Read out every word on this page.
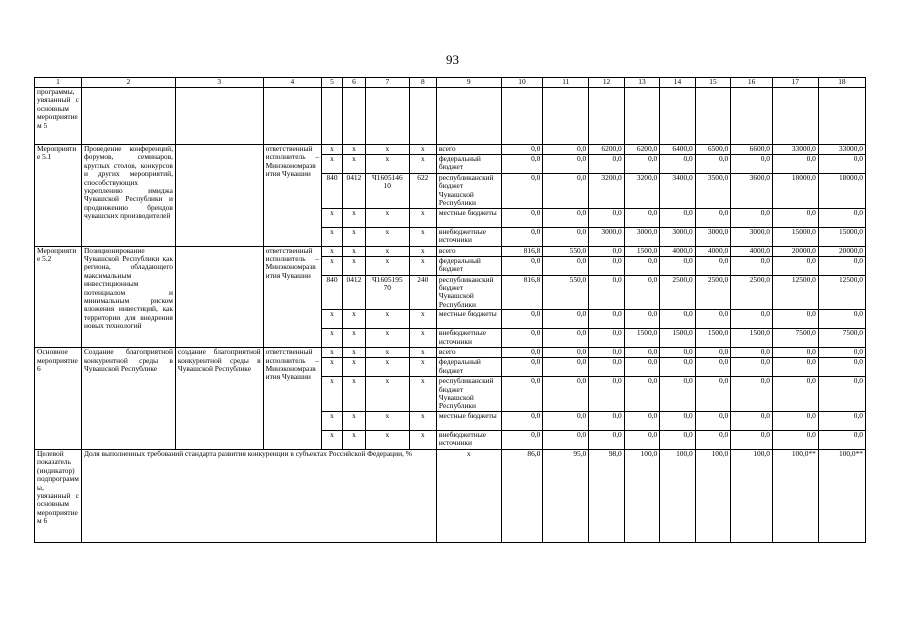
93
1	2	3	4	5	6	7	8	9	10	11	12	13	14	15	16	17	18
программы, увязанный с основным мероприятием 5																	
Мероприятие 5.1	Проведение конференций, форумов, семинаров, круглых столов, конкурсов и других мероприятий, способствующих укреплению имиджа Чувашской Республики и продвижению брендов чувашских производителей		ответственный исполнитель – Минэкономразвития Чувашии	x	x	x	x	всего	0,0	0,0	6200,0	6200,0	6400,0	6500,0	6600,0	33000,0	33000,0
				x	x	x	x	федеральный бюджет	0,0	0,0	0,0	0,0	0,0	0,0	0,0	0,0	0,0
				840	0412	Ч1605146 10	622	республиканский бюджет Чувашской Республики	0,0	0,0	3200,0	3200,0	3400,0	3500,0	3600,0	18000,0	18000,0
				x	x	x	x	местные бюджеты	0,0	0,0	0,0	0,0	0,0	0,0	0,0	0,0	0,0
				x	x	x	x	внебюджетные источники	0,0	0,0	3000,0	3000,0	3000,0	3000,0	3000,0	15000,0	15000,0
Мероприятие 5.2	Позиционирование Чувашской Республики как региона, обладающего максимальным инвестиционным потенциалом и минимальным риском вложения инвестиций, как территории для внедрения новых технологий		ответственный исполнитель – Минэкономразвития Чувашии	x	x	x	x	всего	816,8	550,0	0,0	1500,0	4000,0	4000,0	4000,0	20000,0	20000,0
				x	x	x	x	федеральный бюджет	0,0	0,0	0,0	0,0	0,0	0,0	0,0	0,0	0,0
				840	0412	Ч1605195 70	240	республиканский бюджет Чувашской Республики	816,8	550,0	0,0	0,0	2500,0	2500,0	2500,0	12500,0	12500,0
				x	x	x	x	местные бюджеты	0,0	0,0	0,0	0,0	0,0	0,0	0,0	0,0	0,0
				x	x	x	x	внебюджетные источники	0,0	0,0	0,0	1500,0	1500,0	1500,0	1500,0	7500,0	7500,0
Основное мероприятие 6	Создание благоприятной конкурентной среды в Чувашской Республике	создание благоприятной конкурентной среды в Чувашской Республике	ответственный исполнитель – Минэкономразвития Чувашии	x	x	x	x	всего	0,0	0,0	0,0	0,0	0,0	0,0	0,0	0,0	0,0
				x	x	x	x	федеральный бюджет	0,0	0,0	0,0	0,0	0,0	0,0	0,0	0,0	0,0
				x	x	x	x	республиканский бюджет Чувашской Республики	0,0	0,0	0,0	0,0	0,0	0,0	0,0	0,0	0,0
				x	x	x	x	местные бюджеты	0,0	0,0	0,0	0,0	0,0	0,0	0,0	0,0	0,0
				x	x	x	x	внебюджетные источники	0,0	0,0	0,0	0,0	0,0	0,0	0,0	0,0	0,0
Целевой показатель (индикатор) подпрограммы, увязанный с основным мероприятием 6	Доля выполненных требований стандарта развития конкуренции в субъектах Российской Федерации, %							x	86,0	95,0	98,0	100,0	100,0	100,0	100,0	100,0**	100,0**
